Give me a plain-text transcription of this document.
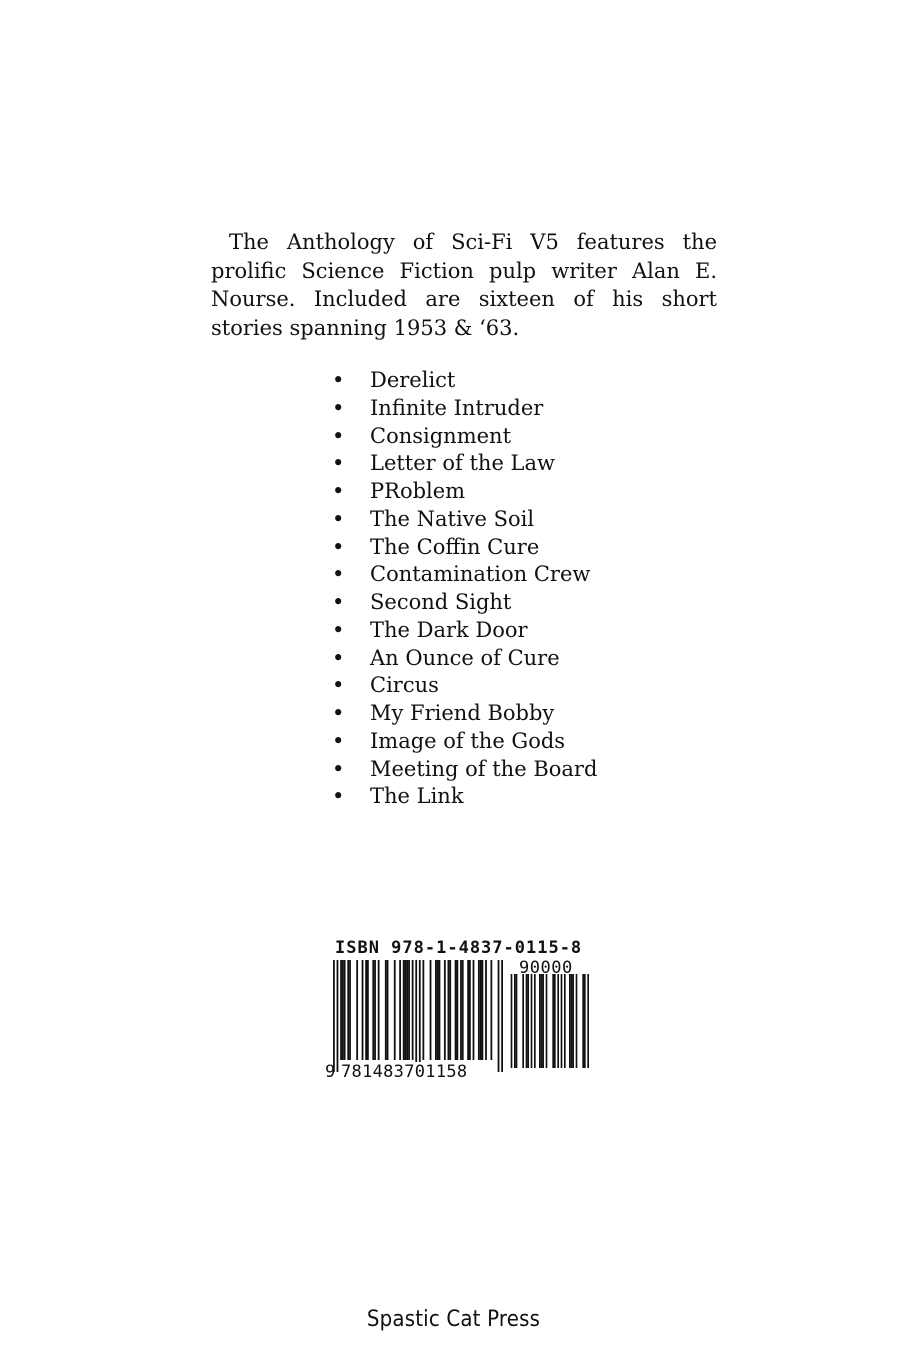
The Anthology of Sci-Fi V5 features the prolific Science Fiction pulp writer Alan E. Nourse. Included are sixteen of his short stories spanning 1953 & ‘63.

• Derelict
• Infinite Intruder
• Consignment
• Letter of the Law
• PRoblem
• The Native Soil
• The Coffin Cure
• Contamination Crew
• Second Sight
• The Dark Door
• An Ounce of Cure
• Circus
• My Friend Bobby
• Image of the Gods
• Meeting of the Board
• The Link
ISBN 978-1-4837-0115-8
90000
9 781483701158
Spastic Cat Press
